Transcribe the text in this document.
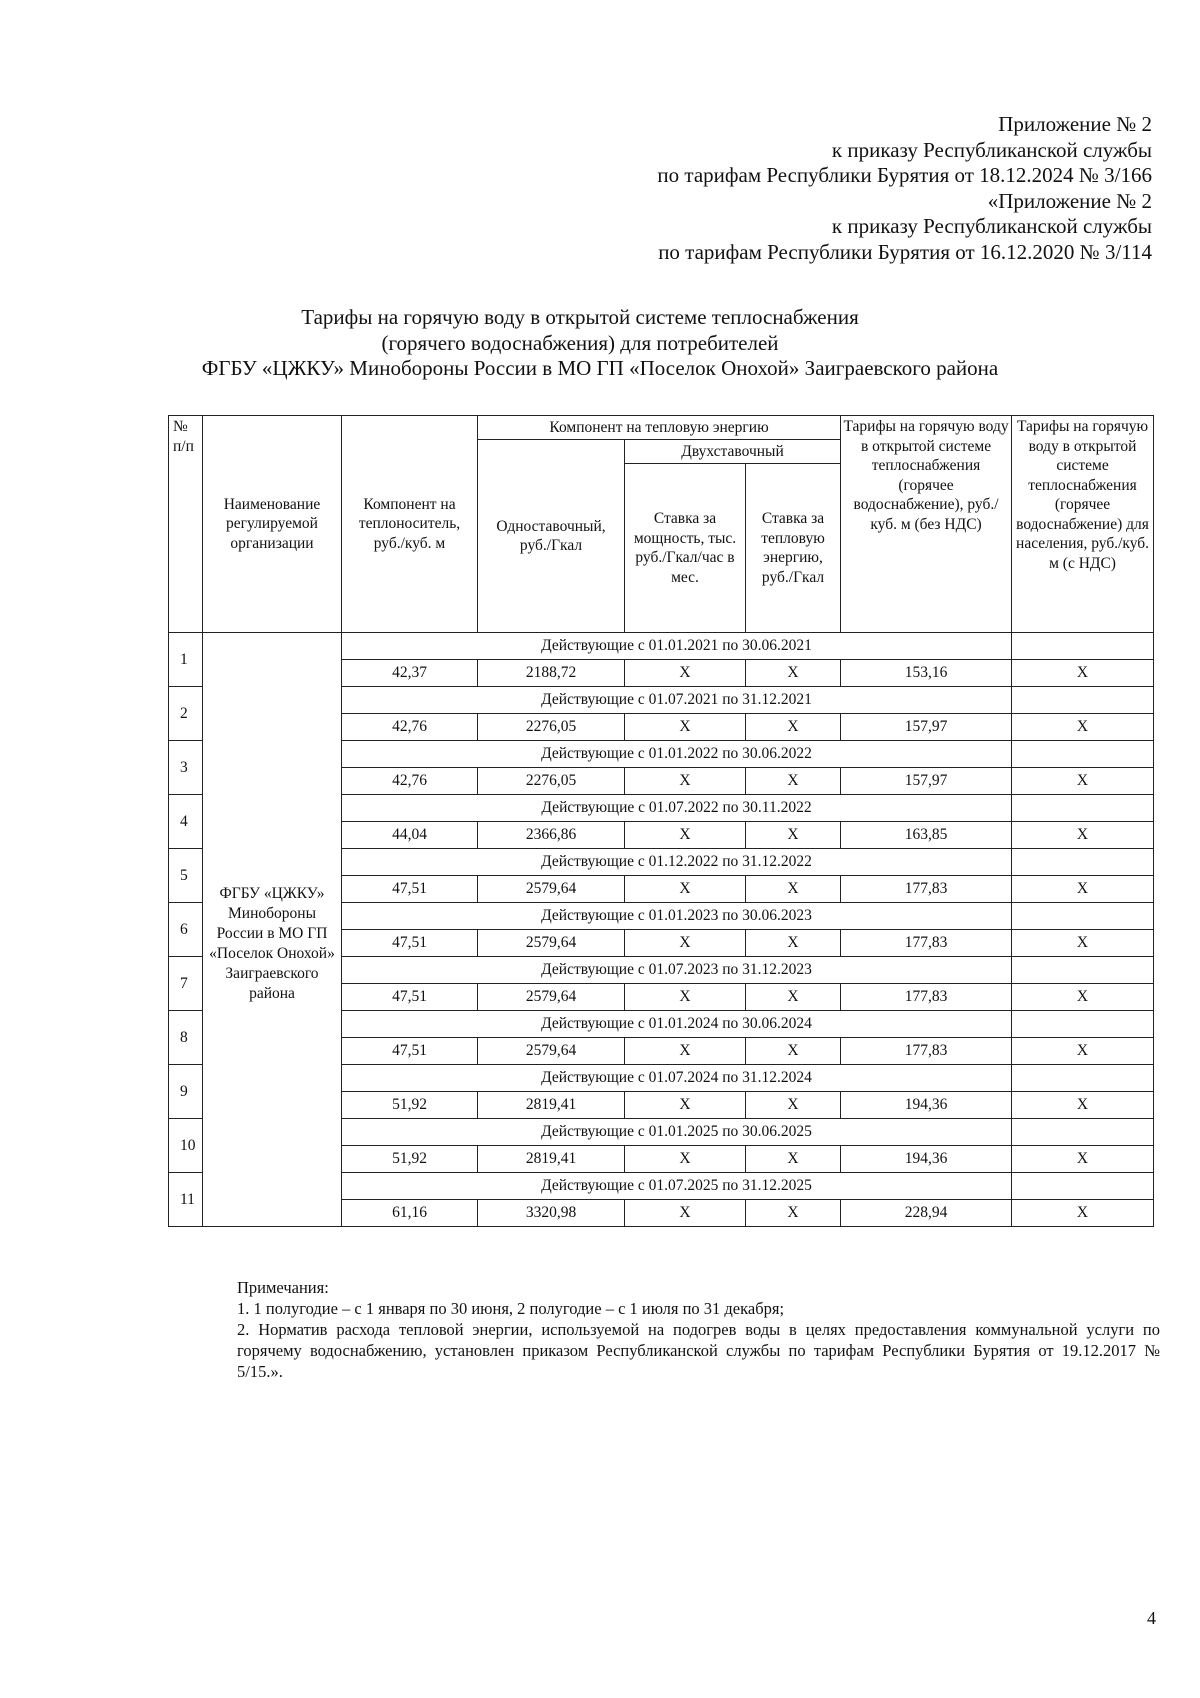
Приложение № 2
к приказу Республиканской службы
по тарифам Республики Бурятия от 18.12.2024 № 3/166
«Приложение № 2
к приказу Республиканской службы
по тарифам Республики Бурятия от 16.12.2020 № 3/114
Тарифы на горячую воду в открытой системе теплоснабжения
(горячего водоснабжения) для потребителей
ФГБУ «ЦЖКУ» Минобороны России в МО ГП «Поселок Онохой» Заиграевского района
№ п/п	Наименование регулируемой организации	Компонент на теплоноситель, руб./куб. м	Компонент на тепловую энергию			Тарифы на горячую воду в открытой системе теплоснабжения (горячее водоснабжение), руб./куб. м (без НДС)	Тарифы на горячую воду в открытой системе теплоснабжения (горячее водоснабжение) для населения, руб./куб. м (с НДС)
			Одноставочный, руб./Гкал	Двухставочный			
				Ставка за мощность, тыс. руб./Гкал/час в мес.	Ставка за тепловую энергию, руб./Гкал		
1	ФГБУ «ЦЖКУ» Минобороны России в МО ГП «Поселок Онохой» Заиграевского района	Действующие с 01.01.2021 по 30.06.2021					
		42,37	2188,72	Х	Х	153,16	Х
2		Действующие с 01.07.2021 по 31.12.2021					
		42,76	2276,05	Х	Х	157,97	Х
3		Действующие с 01.01.2022 по 30.06.2022					
		42,76	2276,05	Х	Х	157,97	Х
4		Действующие с 01.07.2022 по 30.11.2022					
		44,04	2366,86	Х	Х	163,85	Х
5		Действующие с 01.12.2022 по 31.12.2022					
		47,51	2579,64	Х	Х	177,83	Х
6		Действующие с 01.01.2023 по 30.06.2023					
		47,51	2579,64	Х	Х	177,83	Х
7		Действующие с 01.07.2023 по 31.12.2023					
		47,51	2579,64	Х	Х	177,83	Х
8		Действующие с 01.01.2024 по 30.06.2024					
		47,51	2579,64	Х	Х	177,83	Х
9		Действующие с 01.07.2024 по 31.12.2024					
		51,92	2819,41	Х	Х	194,36	Х
10		Действующие с 01.01.2025 по 30.06.2025					
		51,92	2819,41	Х	Х	194,36	Х
11		Действующие с 01.07.2025 по 31.12.2025					
		61,16	3320,98	Х	Х	228,94	Х

Примечания:

1. 1 полугодие – с 1 января по 30 июня, 2 полугодие – с 1 июля по 31 декабря;

2. Норматив расхода тепловой энергии, используемой на подогрев воды в целях предоставления коммунальной услуги по горячему водоснабжению, установлен приказом Республиканской службы по тарифам Республики Бурятия от 19.12.2017 № 5/15.».

4
